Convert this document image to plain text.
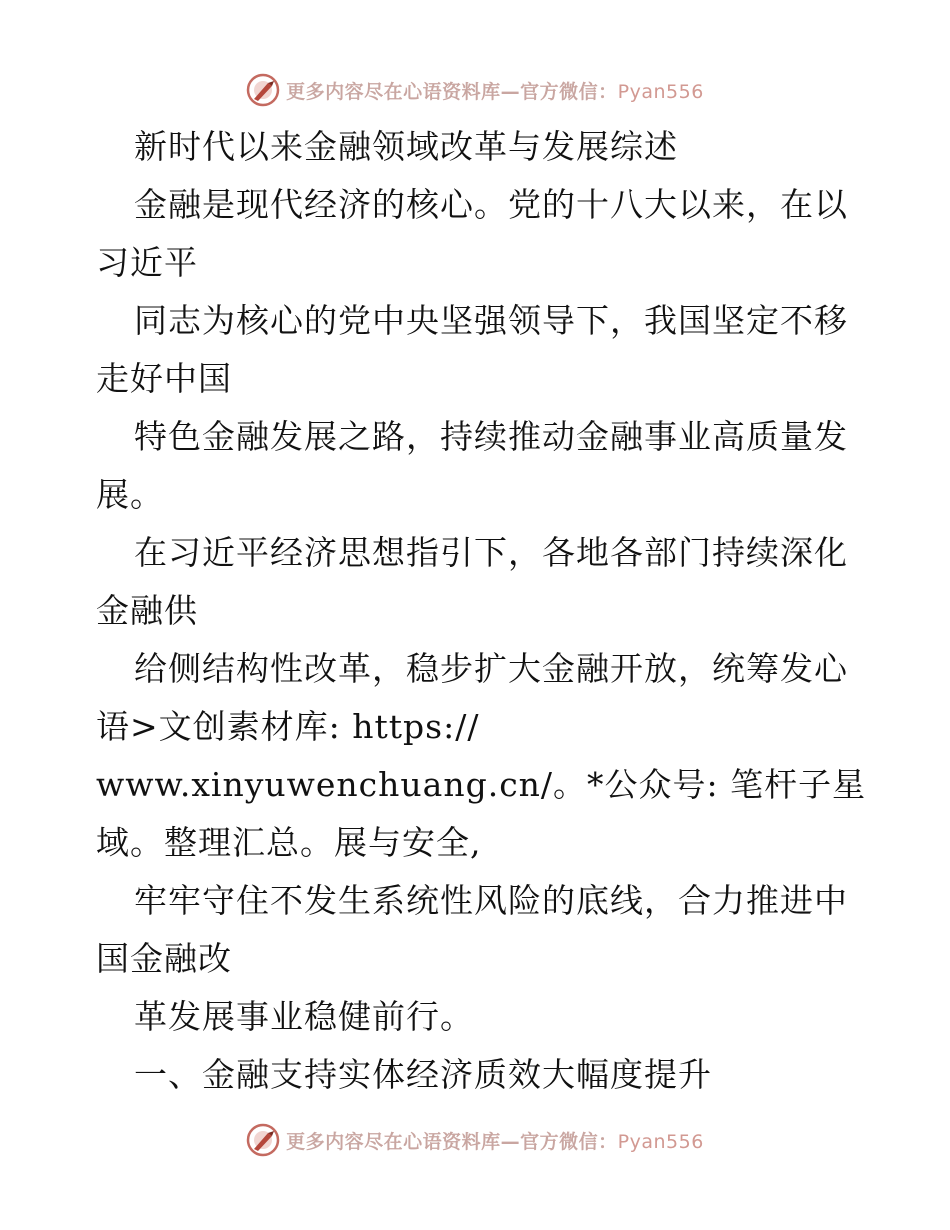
更多内容尽在心语资料库—官方微信：Pyan556
新时代以来金融领域改革与发展综述
金融是现代经济的核心。党的十八大以来，在以
习近平
同志为核心的党中央坚强领导下，我国坚定不移
走好中国
特色金融发展之路，持续推动金融事业高质量发
展。
在习近平经济思想指引下，各地各部门持续深化
金融供
给侧结构性改革，稳步扩大金融开放，统筹发心
语>文创素材库: https://
www.xinyuwenchuang.cn/。*公众号: 笔杆子星
域。整理汇总。展与安全,
牢牢守住不发生系统性风险的底线，合力推进中
国金融改
革发展事业稳健前行。
一、金融支持实体经济质效大幅度提升
更多内容尽在心语资料库—官方微信：Pyan556
